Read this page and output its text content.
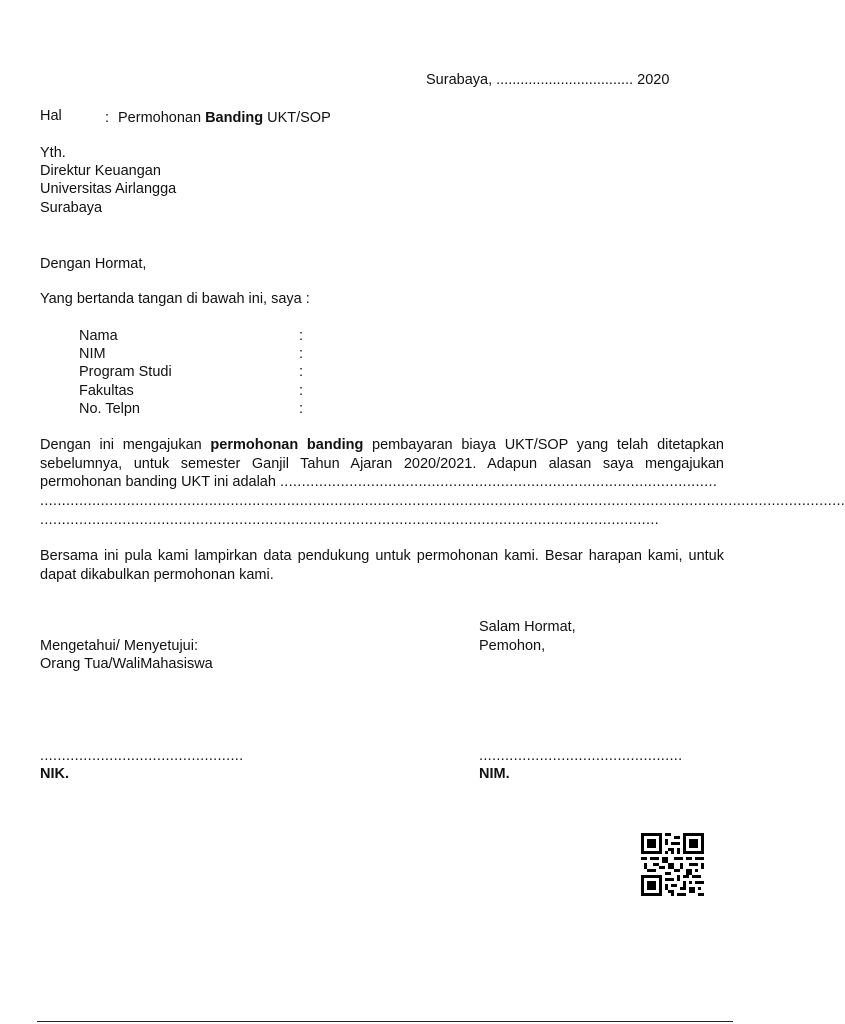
Surabaya, .................................. 2020
Hal	: Permohonan Banding UKT/SOP
Yth.
Direktur Keuangan
Universitas Airlangga
Surabaya
Dengan Hormat,
Yang bertanda tangan di bawah ini, saya :
Nama	:
NIM	:
Program Studi	:
Fakultas	:
No. Telpn	:
Dengan ini mengajukan permohonan banding pembayaran biaya UKT/SOP yang telah ditetapkan sebelumnya, untuk semester Ganjil Tahun Ajaran 2020/2021. Adapun alasan saya mengajukan permohonan banding UKT ini adalah .....................................................................................................
..........................................................................................................................................................................................
...............................................................................................................................................
Bersama ini pula kami lampirkan data pendukung untuk permohonan kami. Besar harapan kami, untuk dapat dikabulkan permohonan kami.
Salam Hormat,
Pemohon,
Mengetahui/ Menyetujui:
Orang Tua/WaliMahasiswa
...............................................	...............................................
NIK.	NIM.
